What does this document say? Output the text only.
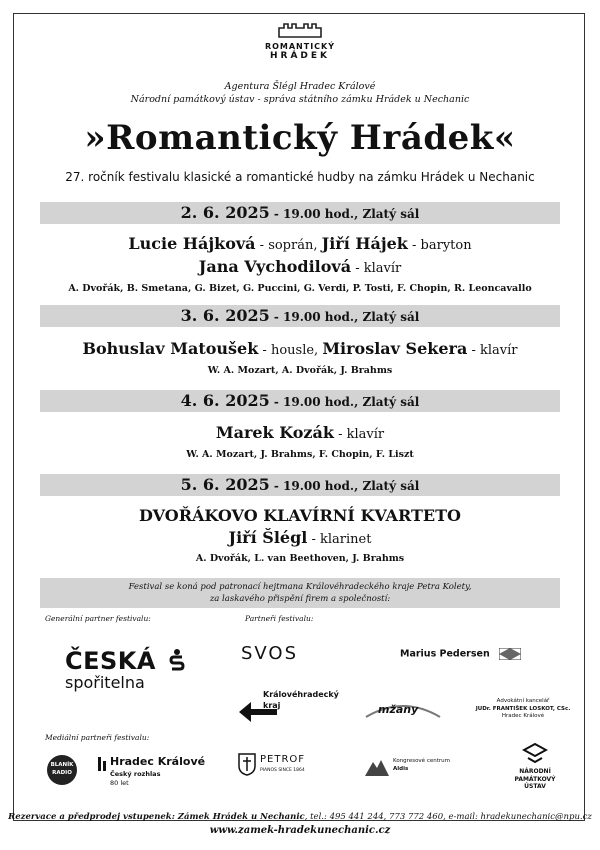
ROMANTICKÝ
HRÁDEK
Agentura Šlégl Hradec Králové
Národní památkový ústav - správa státního zámku Hrádek u Nechanic
»Romantický Hrádek«
27. ročník festivalu klasické a romantické hudby na zámku Hrádek u Nechanic
2. 6. 2025 - 19.00 hod., Zlatý sál
Lucie Hájková - soprán, Jiří Hájek - baryton
Jana Vychodilová - klavír
A. Dvořák, B. Smetana, G. Bizet, G. Puccini, G. Verdi, P. Tosti, F. Chopin, R. Leoncavallo
3. 6. 2025 - 19.00 hod., Zlatý sál
Bohuslav Matoušek - housle, Miroslav Sekera - klavír
W. A. Mozart, A. Dvořák, J. Brahms
4. 6. 2025 - 19.00 hod., Zlatý sál
Marek Kozák - klavír
W. A. Mozart, J. Brahms, F. Chopin, F. Liszt
5. 6. 2025 - 19.00 hod., Zlatý sál
DVOŘÁKOVO KLAVÍRNÍ KVARTETO
Jiří Šlégl - klarinet
A. Dvořák, L. van Beethoven, J. Brahms
Festival se koná pod patronací hejtmana Královéhradeckého kraje Petra Kolety,
za laskavého přispění firem a společností:
Generální partner festivalu:	Partneři festivalu:
Mediální partneři festivalu:
ČESKÁ
spořitelna
SVOS	Marius Pedersen
Královéhradecký
kraj	mžany
Advokátní kancelář
JUDr. FRANTIŠEK LOSKOT, CSc.
Hradec Králové
BLANÍK
RADIO
Hradec Králové
Český rozhlas
80 let
PETROF
PIANOS SINCE 1864
Kongresové centrum
Aldis	NÁRODNÍ
PAMÁTKOVÝ
ÚSTAV
Rezervace a předprodej vstupenek: Zámek Hrádek u Nechanic, tel.: 495 441 244, 773 772 460, e-mail: hradekunechanic@npu.cz
www.zamek-hradekunechanic.cz
